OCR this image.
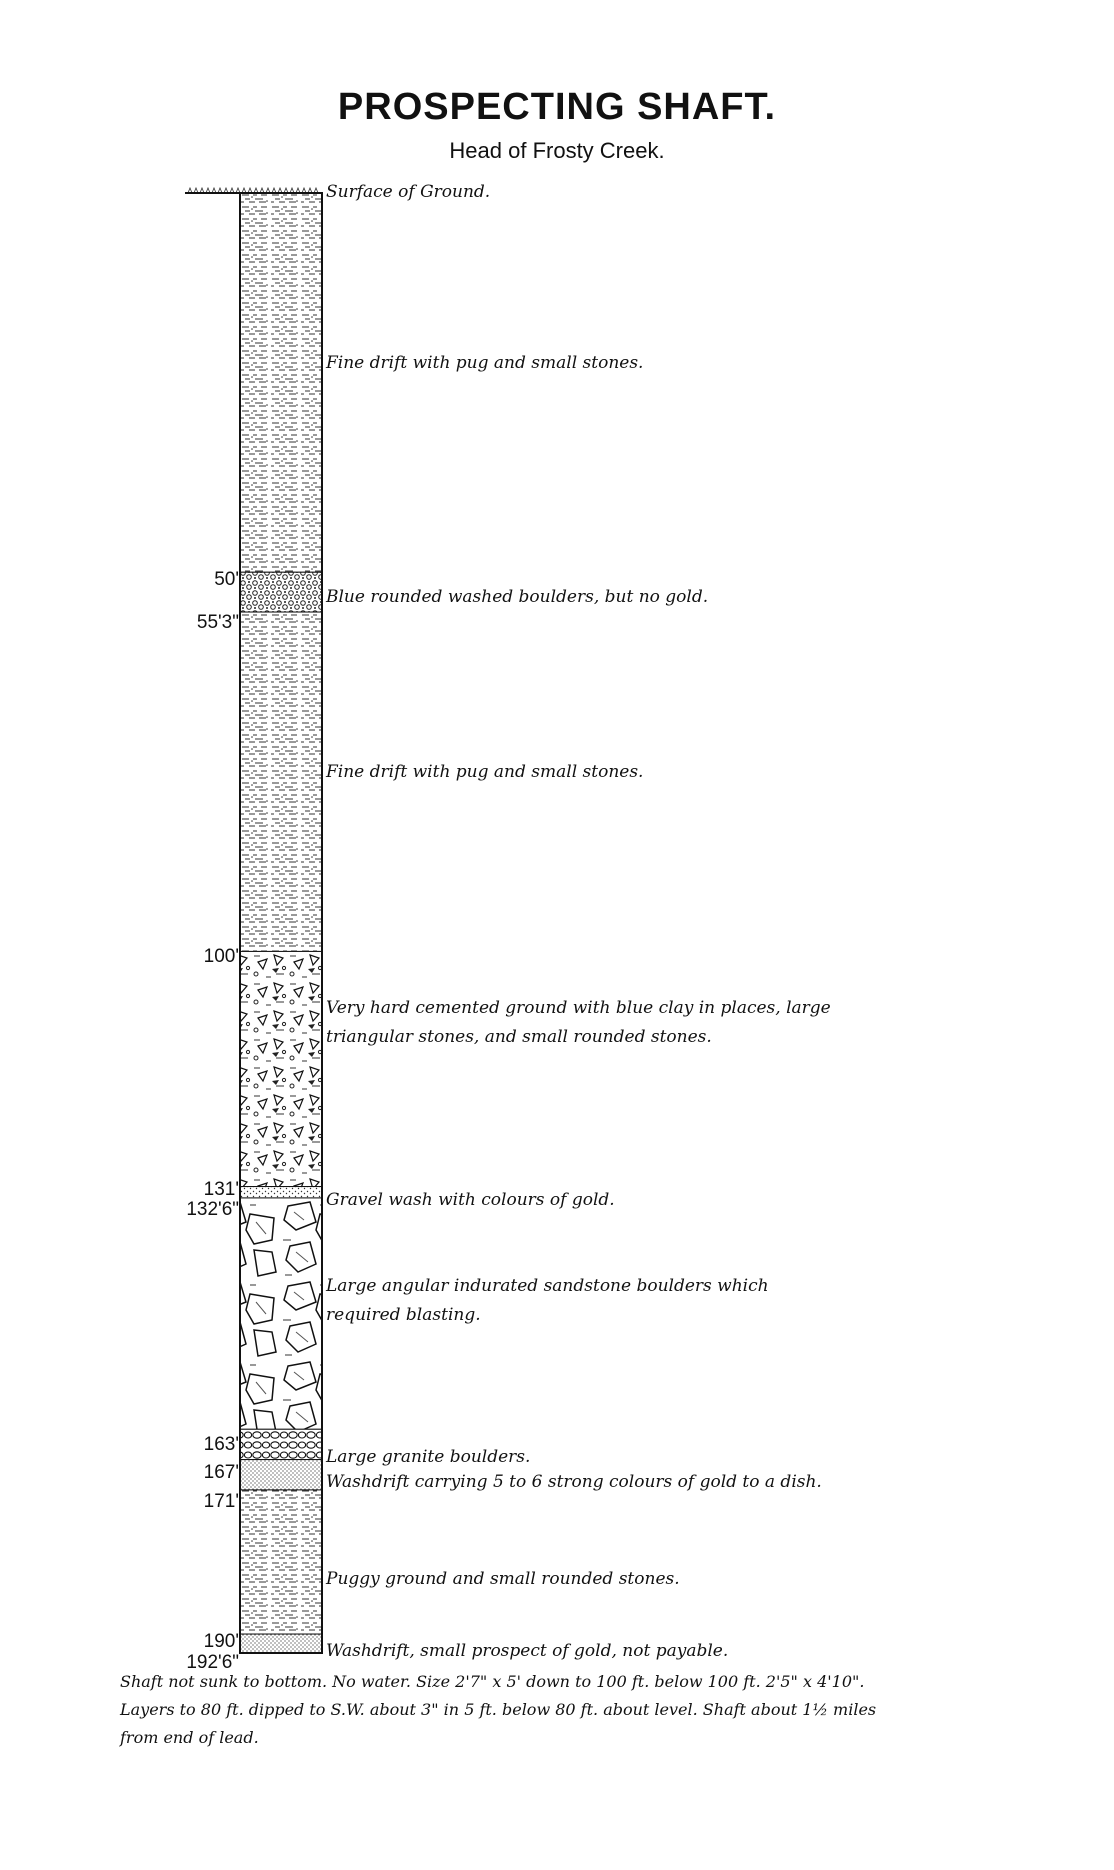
PROSPECTING SHAFT.

Head of Frosty Creek.

Surface of Ground.
50'
55'3"
100'
131'
132'6"
163'
167'
171'
190'
192'6"
Fine drift with pug and small stones.
Blue rounded washed boulders, but no gold.
Fine drift with pug and small stones.
Very hard cemented ground with blue clay in places, large
triangular stones, and small rounded stones.
Gravel wash with colours of gold.
Large angular indurated sandstone boulders which
required blasting.
Large granite boulders.
Washdrift carrying 5 to 6 strong colours of gold to a dish.
Puggy ground and small rounded stones.
Washdrift, small prospect of gold, not payable.
Shaft not sunk to bottom. No water. Size 2'7" x 5' down to 100 ft. below 100 ft. 2'5" x 4'10".
Layers to 80 ft. dipped to S.W. about 3" in 5 ft. below 80 ft. about level. Shaft about 1½ miles
from end of lead.
